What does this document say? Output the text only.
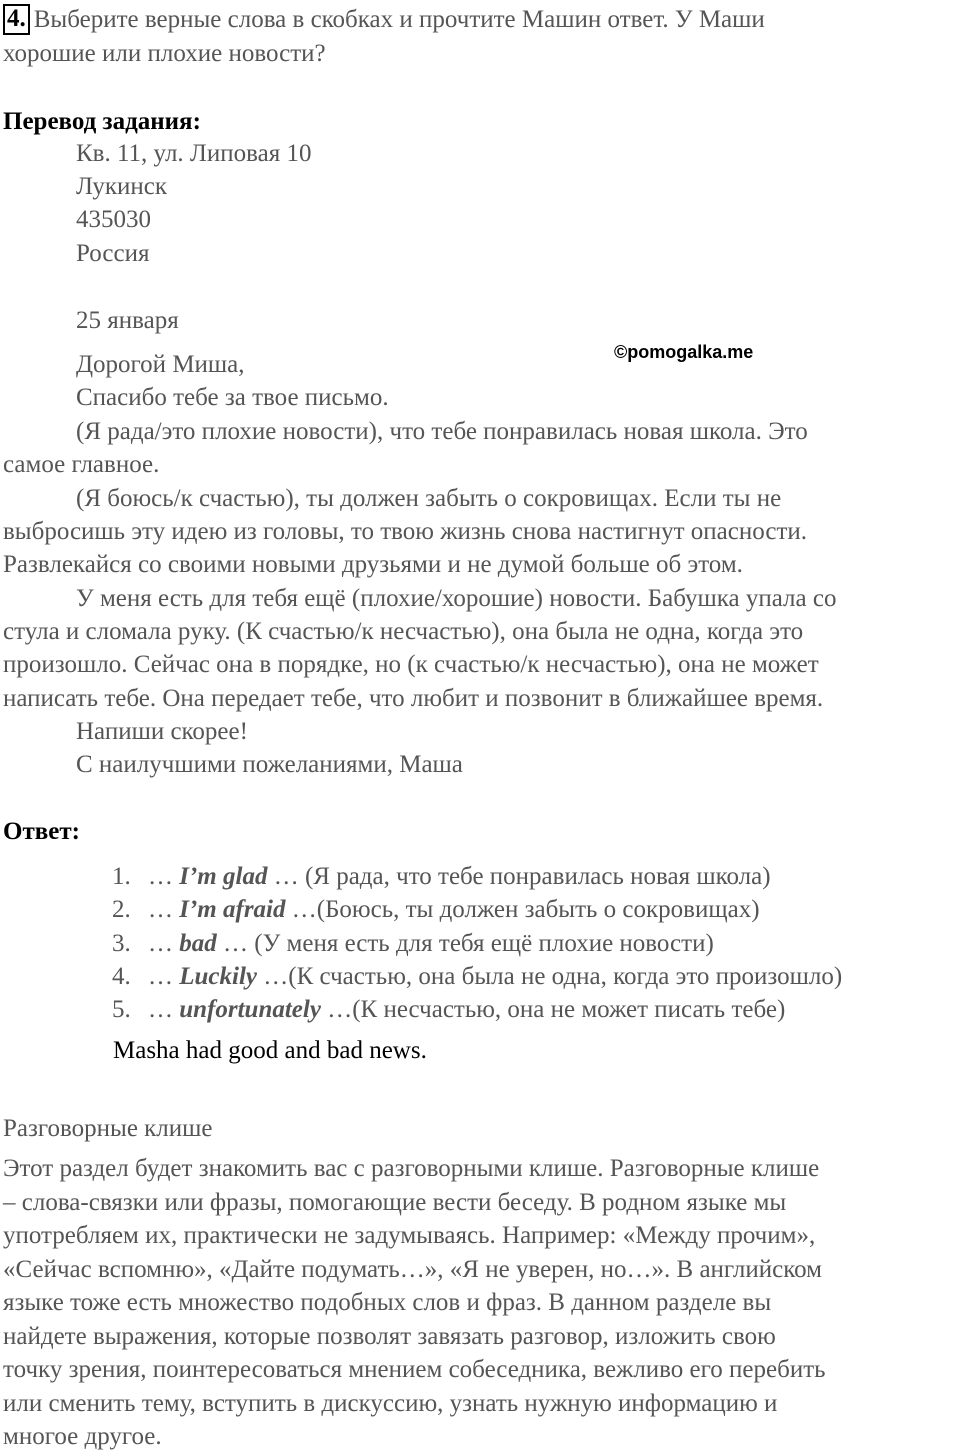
4. Выберите верные слова в скобках и прочтите Машин ответ. У Маши
хорошие или плохие новости?
Перевод задания:
Кв. 11, ул. Липовая 10
Лукинск
435030
Россия
25 января
Дорогой Миша,	©pomogalka.me
Спасибо тебе за твое письмо.
(Я рада/это плохие новости), что тебе понравилась новая школа. Это
самое главное.
(Я боюсь/к счастью), ты должен забыть о сокровищах. Если ты не
выбросишь эту идею из головы, то твою жизнь снова настигнут опасности.
Развлекайся со своими новыми друзьями и не думой больше об этом.
У меня есть для тебя ещё (плохие/хорошие) новости. Бабушка упала со
стула и сломала руку. (К счастью/к несчастью), она была не одна, когда это
произошло. Сейчас она в порядке, но (к счастью/к несчастью), она не может
написать тебе. Она передает тебе, что любит и позвонит в ближайшее время.
Напиши скорее!
С наилучшими пожеланиями, Маша
Ответ:
1. … I’m glad … (Я рада, что тебе понравилась новая школа)
2. … I’m afraid …(Боюсь, ты должен забыть о сокровищах)
3. … bad … (У меня есть для тебя ещё плохие новости)
4. … Luckily …(К счастью, она была не одна, когда это произошло)
5. … unfortunately …(К несчастью, она не может писать тебе)
Masha had good and bad news.
Разговорные клише
Этот раздел будет знакомить вас с разговорными клише. Разговорные клише
– слова-связки или фразы, помогающие вести беседу. В родном языке мы
употребляем их, практически не задумываясь. Например: «Между прочим»,
«Сейчас вспомню», «Дайте подумать…», «Я не уверен, но…». В английском
языке тоже есть множество подобных слов и фраз. В данном разделе вы
найдете выражения, которые позволят завязать разговор, изложить свою
точку зрения, поинтересоваться мнением собеседника, вежливо его перебить
или сменить тему, вступить в дискуссию, узнать нужную информацию и
многое другое.
